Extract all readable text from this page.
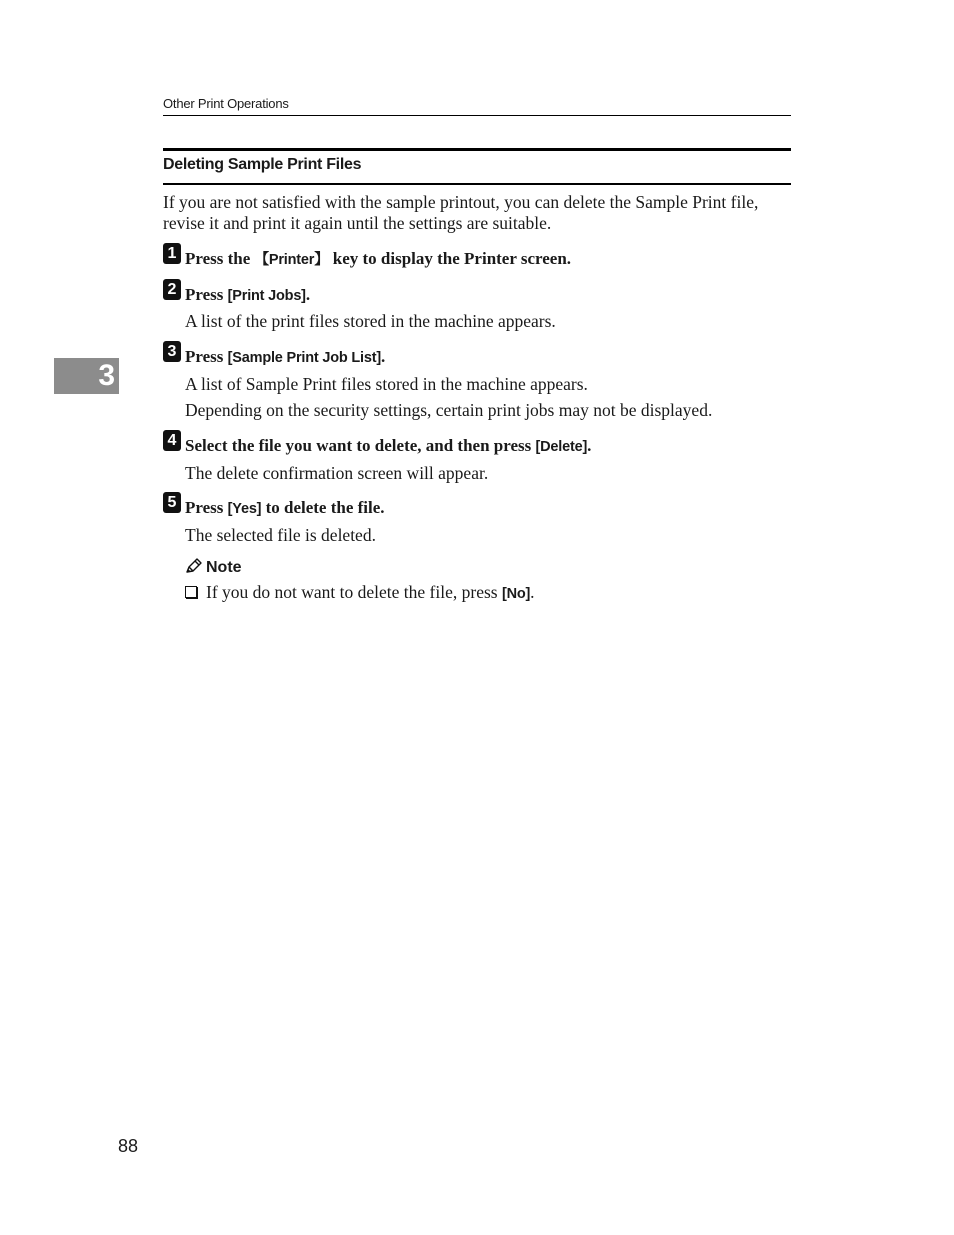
Other Print Operations
Deleting Sample Print Files

If you are not satisfied with the sample printout, you can delete the Sample Print file, revise it and print it again until the settings are suitable.

3
1 Press the 【Printer】 key to display the Printer screen.
2 Press [Print Jobs].
A list of the print files stored in the machine appears.
3 Press [Sample Print Job List].
A list of Sample Print files stored in the machine appears.
Depending on the security settings, certain print jobs may not be displayed.
4 Select the file you want to delete, and then press [Delete].
The delete confirmation screen will appear.
5 Press [Yes] to delete the file.
The selected file is deleted.
Note
If you do not want to delete the file, press [No].
88
